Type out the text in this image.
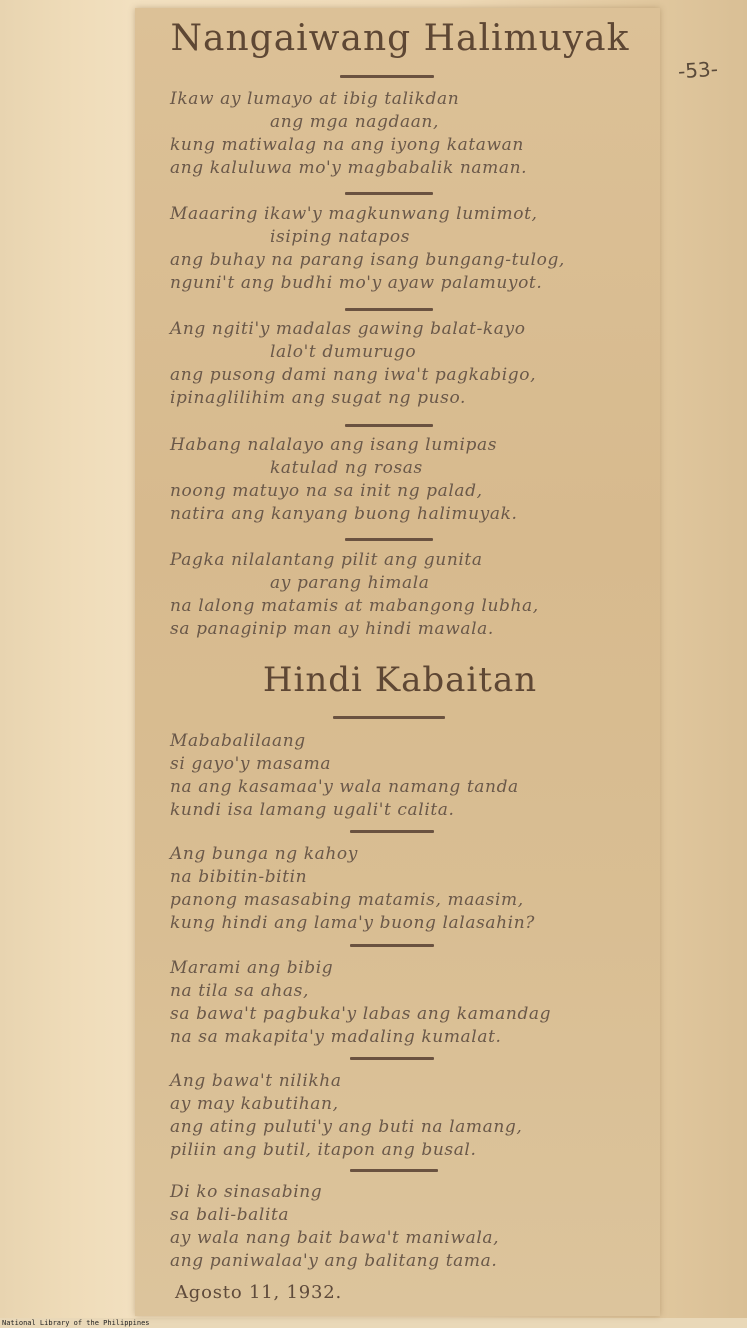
-53-
Nangaiwang Halimuyak
Ikaw ay lumayo at ibig talikdan
ang mga nagdaan,
kung matiwalag na ang iyong katawan
ang kaluluwa mo'y magbabalik naman.
Maaaring ikaw'y magkunwang lumimot,
isiping natapos
ang buhay na parang isang bungang-tulog,
nguni't ang budhi mo'y ayaw palamuyot.
Ang ngiti'y madalas gawing balat-kayo
lalo't dumurugo
ang pusong dami nang iwa't pagkabigo,
ipinaglilihim ang sugat ng puso.
Habang nalalayo ang isang lumipas
katulad ng rosas
noong matuyo na sa init ng palad,
natira ang kanyang buong halimuyak.
Pagka nilalantang pilit ang gunita
ay parang himala
na lalong matamis at mabangong lubha,
sa panaginip man ay hindi mawala.
Hindi Kabaitan
Mababalilaang
si gayo'y masama
na ang kasamaa'y wala namang tanda
kundi isa lamang ugali't calita.
Ang bunga ng kahoy
na bibitin-bitin
panong masasabing matamis, maasim,
kung hindi ang lama'y buong lalasahin?
Marami ang bibig
na tila sa ahas,
sa bawa't pagbuka'y labas ang kamandag
na sa makapita'y madaling kumalat.
Ang bawa't nilikha
ay may kabutihan,
ang ating puluti'y ang buti na lamang,
piliin ang butil, itapon ang busal.
Di ko sinasabing
sa bali-balita
ay wala nang bait bawa't maniwala,
ang paniwalaa'y ang balitang tama.
Agosto 11, 1932.
National Library of the Philippines
